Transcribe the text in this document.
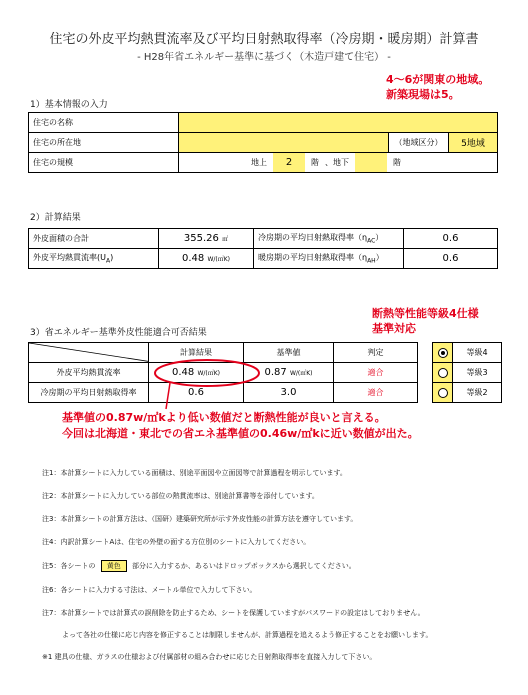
住宅の外皮平均熱貫流率及び平均日射熱取得率（冷房期・暖房期）計算書
- H28年省エネルギー基準に基づく（木造戸建て住宅） -
4～6が関東の地域。
新築現場は5。
1）基本情報の入力
住宅の名称			
住宅の所在地		（地域区分）	5地域
住宅の規模	地上 2 階 、地下 階		
2）計算結果
外皮面積の合計	355.26 ㎡	冷房期の平均日射熱取得率$(\eta_{AC})$	0.6
外皮平均熱貫流率$(U_A)$	0.48 W/(㎡K)	暖房期の平均日射熱取得率$(\eta_{AH})$	0.6
断熱等性能等級4仕様
基準対応
3）省エネルギー基準外皮性能適合可否結果
	計算結果	基準値	判定
外皮平均熱貫流率	0.48 W/(㎡K)	0.87 W/(㎡K)	適合
冷房期の平均日射熱取得率	0.6	3.0	適合
	等級4
	等級3
	等級2
基準値の0.87w/㎡kより低い数値だと断熱性能が良いと言える。
今回は北海道・東北での省エネ基準値の0.46w/㎡kに近い数値が出た。
注1：本計算シートに入力している面積は、別途平面図や立面図等で計算過程を明示しています。
注2：本計算シートに入力している部位の熱貫流率は、別途計算書等を添付しています。
注3：本計算シートの計算方法は、（国研）建築研究所が示す外皮性能の計算方法を遵守しています。
注4：内訳計算シートAは、住宅の外壁の面する方位別のシートに入力してください。
注5：各シートの 黄色 部分に入力するか、あるいはドロップボックスから選択してください。
注6：各シートに入力する寸法は、メートル単位で入力して下さい。
注7：本計算シートでは計算式の誤削除を防止するため、シートを保護していますがパスワードの設定はしておりません。
よって各社の仕様に応じ内容を修正することは制限しませんが、計算過程を追えるよう修正することをお願いします。
※1 建具の仕様、ガラスの仕様および付属部材の組み合わせに応じた日射熱取得率を直接入力して下さい。
